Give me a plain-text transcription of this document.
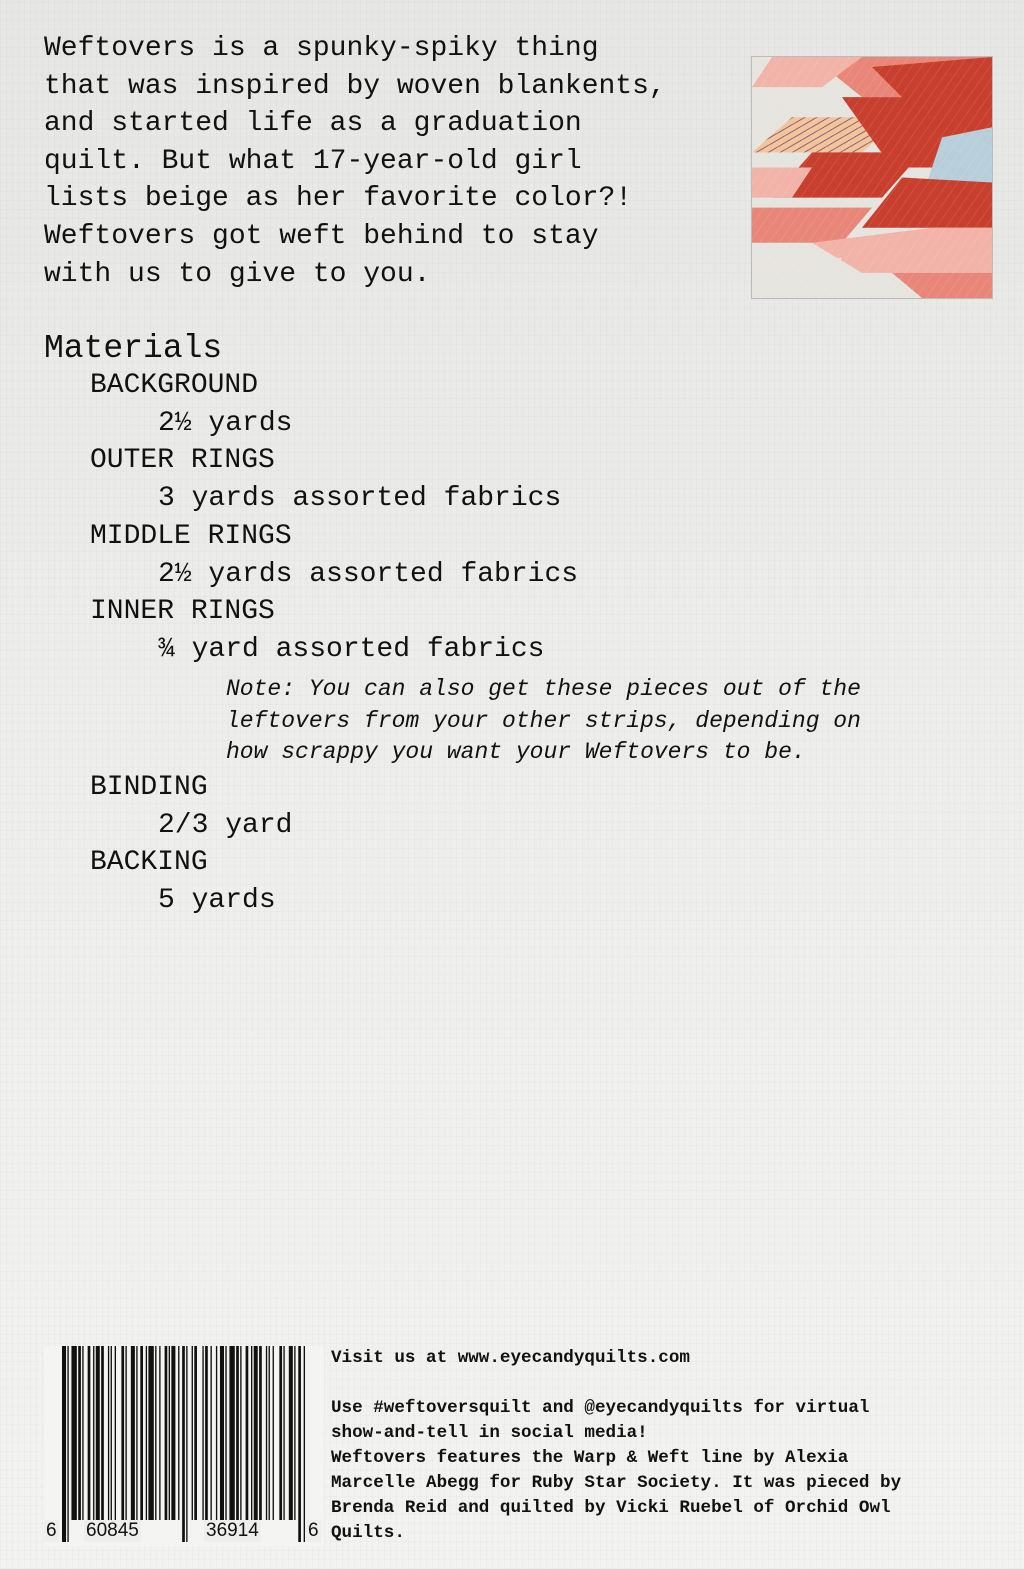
Weftovers is a spunky-spiky thing
that was inspired by woven blankents,
and started life as a graduation
quilt. But what 17-year-old girl
lists beige as her favorite color?!
Weftovers got weft behind to stay
with us to give to you.

Materials
BACKGROUND
2½ yards
OUTER RINGS
3 yards assorted fabrics
MIDDLE RINGS
2½ yards assorted fabrics
INNER RINGS
¾ yard assorted fabrics
BINDING
2/3 yard
BACKING
5 yards

Note: You can also get these pieces out of the
leftovers from your other strips, depending on
how scrappy you want your Weftovers to be.

6 60845	36914	6

Visit us at www.eyecandyquilts.com
Use #weftoversquilt and @eyecandyquilts for virtual
show-and-tell in social media!
Weftovers features the Warp & Weft line by Alexia
Marcelle Abegg for Ruby Star Society. It was pieced by
Brenda Reid and quilted by Vicki Ruebel of Orchid Owl
Quilts.
